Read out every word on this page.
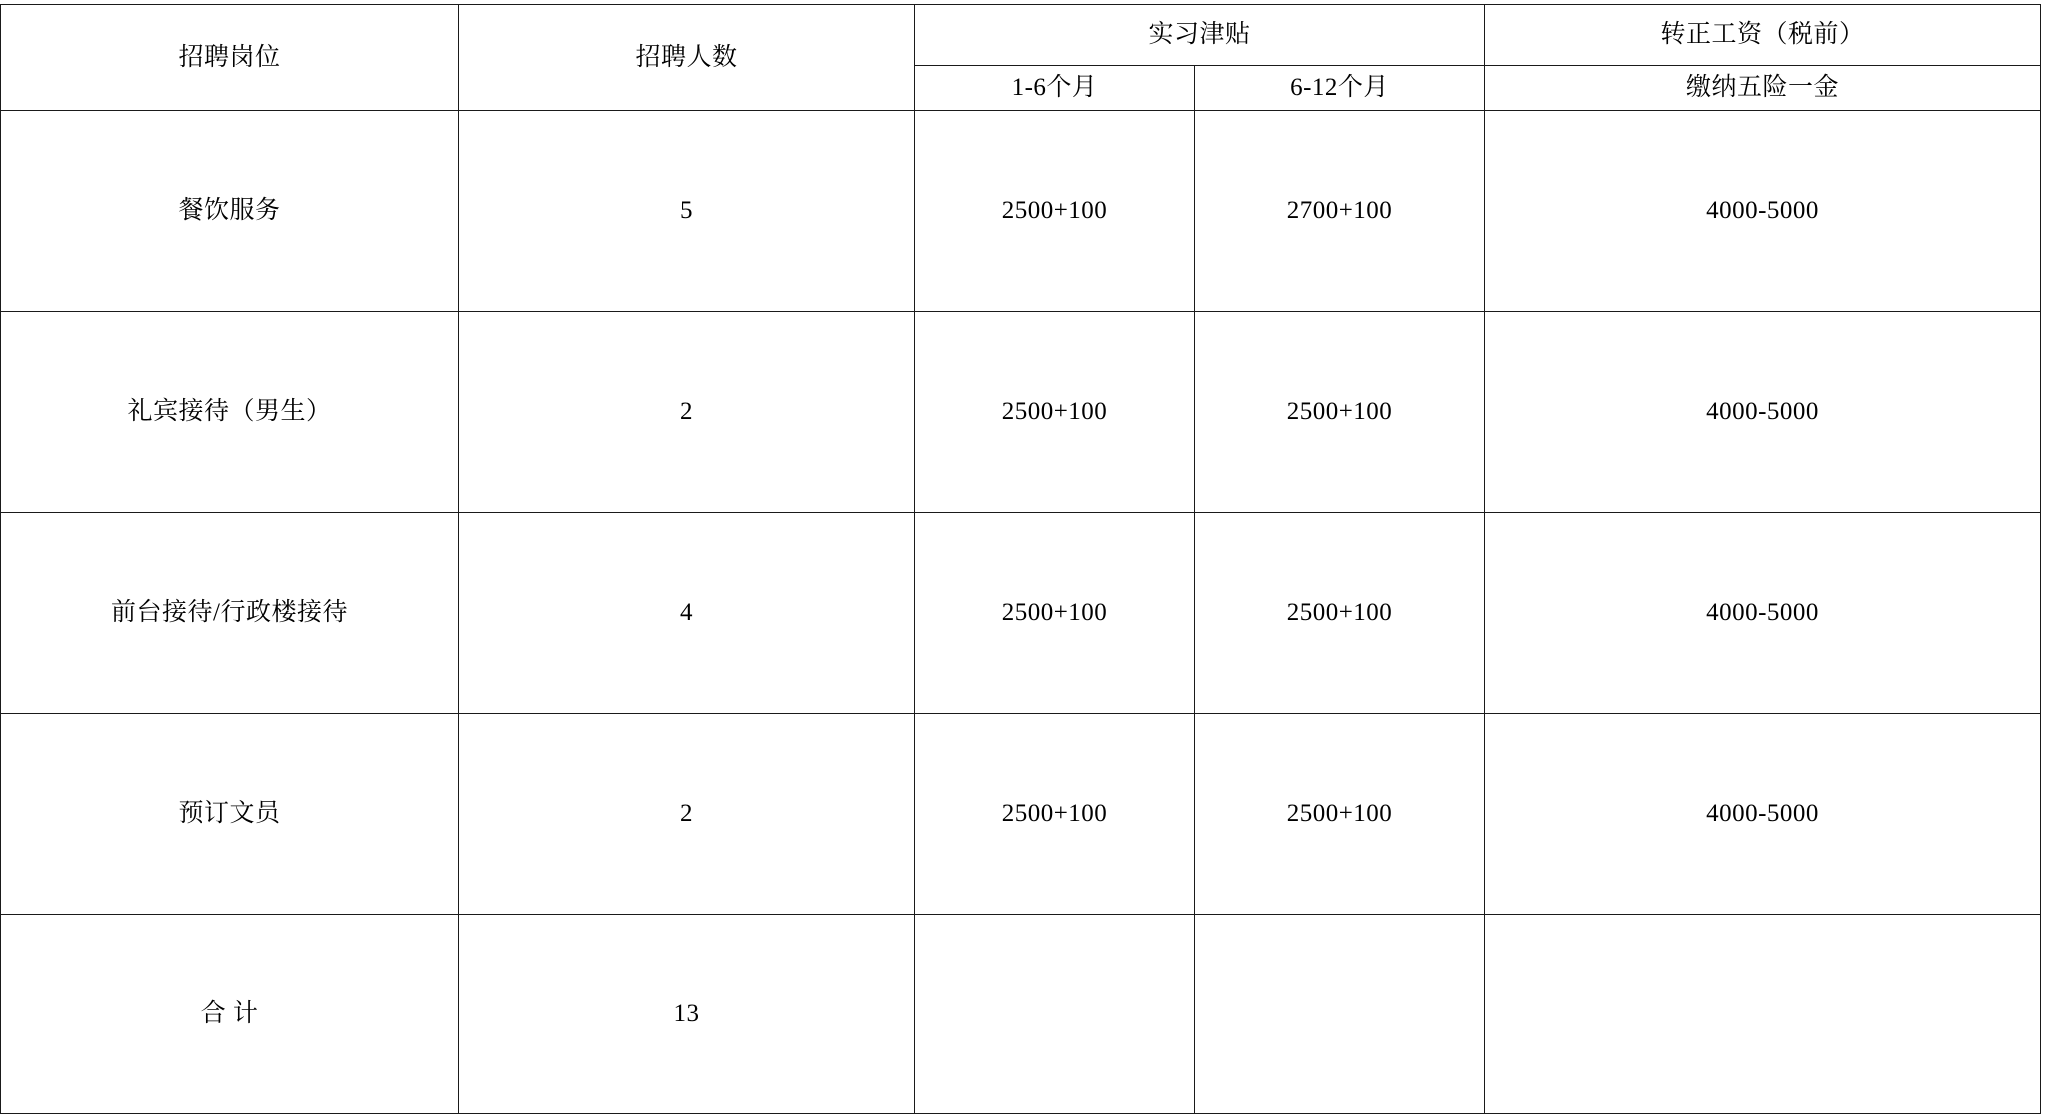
招聘岗位	招聘人数	实习津贴		转正工资（税前）
		1-6个月	6-12个月	缴纳五险一金
餐饮服务	5	2500+100	2700+100	4000-5000
礼宾接待（男生）	2	2500+100	2500+100	4000-5000
前台接待/行政楼接待	4	2500+100	2500+100	4000-5000
预订文员	2	2500+100	2500+100	4000-5000
合 计	13			
